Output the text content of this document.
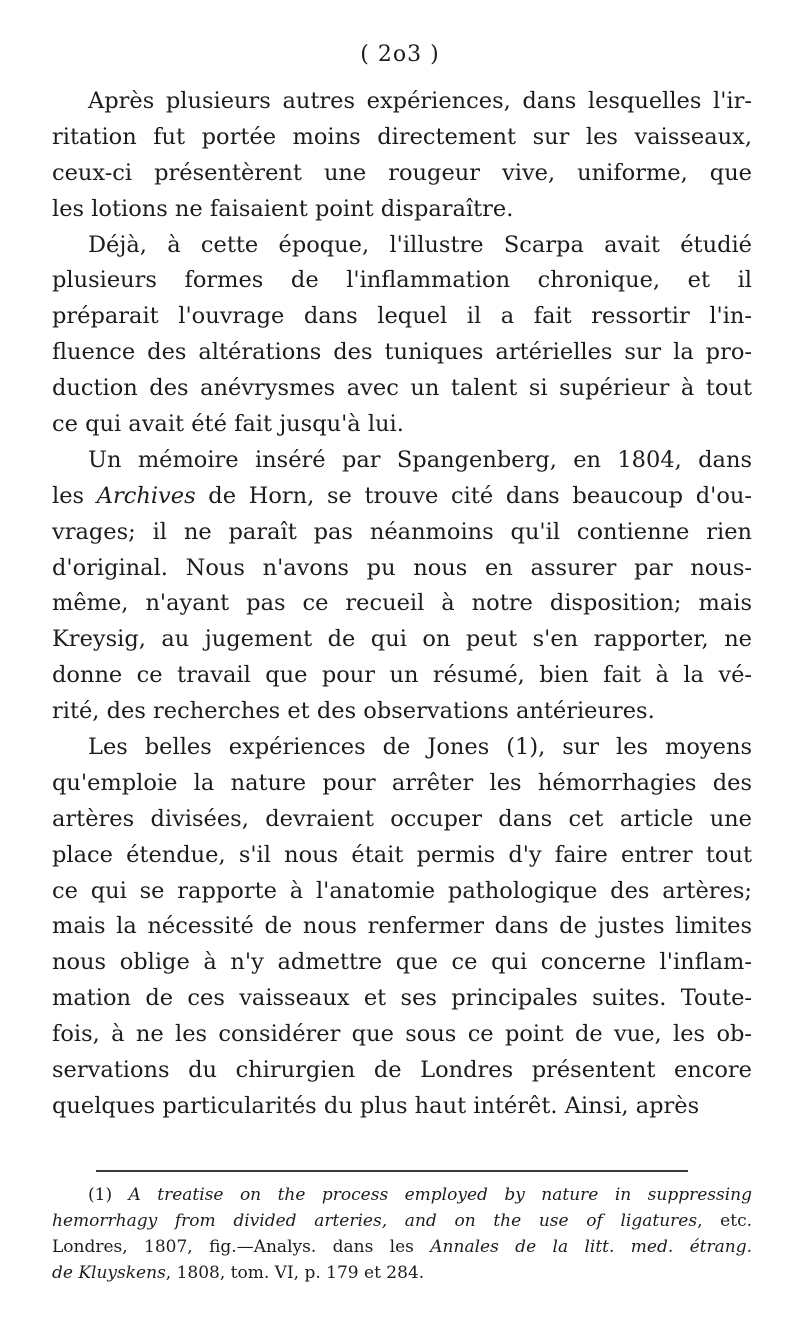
( 2o3 )
Après plusieurs autres expériences, dans lesquelles l'ir-
ritation fut portée moins directement sur les vaisseaux,
ceux-ci présentèrent une rougeur vive, uniforme, que
les lotions ne faisaient point disparaître.
Déjà, à cette époque, l'illustre Scarpa avait étudié
plusieurs formes de l'inflammation chronique, et il
préparait l'ouvrage dans lequel il a fait ressortir l'in-
fluence des altérations des tuniques artérielles sur la pro-
duction des anévrysmes avec un talent si supérieur à tout
ce qui avait été fait jusqu'à lui.
Un mémoire inséré par Spangenberg, en 1804, dans
les Archives de Horn, se trouve cité dans beaucoup d'ou-
vrages; il ne paraît pas néanmoins qu'il contienne rien
d'original. Nous n'avons pu nous en assurer par nous-
même, n'ayant pas ce recueil à notre disposition; mais
Kreysig, au jugement de qui on peut s'en rapporter, ne
donne ce travail que pour un résumé, bien fait à la vé-
rité, des recherches et des observations antérieures.
Les belles expériences de Jones (1), sur les moyens
qu'emploie la nature pour arrêter les hémorrhagies des
artères divisées, devraient occuper dans cet article une
place étendue, s'il nous était permis d'y faire entrer tout
ce qui se rapporte à l'anatomie pathologique des artères;
mais la nécessité de nous renfermer dans de justes limites
nous oblige à n'y admettre que ce qui concerne l'inflam-
mation de ces vaisseaux et ses principales suites. Toute-
fois, à ne les considérer que sous ce point de vue, les ob-
servations du chirurgien de Londres présentent encore
quelques particularités du plus haut intérêt. Ainsi, après
(1) A treatise on the process employed by nature in suppressing
hemorrhagy from divided arteries, and on the use of ligatures, etc.
Londres, 1807, fig.—Analys. dans les Annales de la litt. med. étrang.
de Kluyskens, 1808, tom. VI, p. 179 et 284.
